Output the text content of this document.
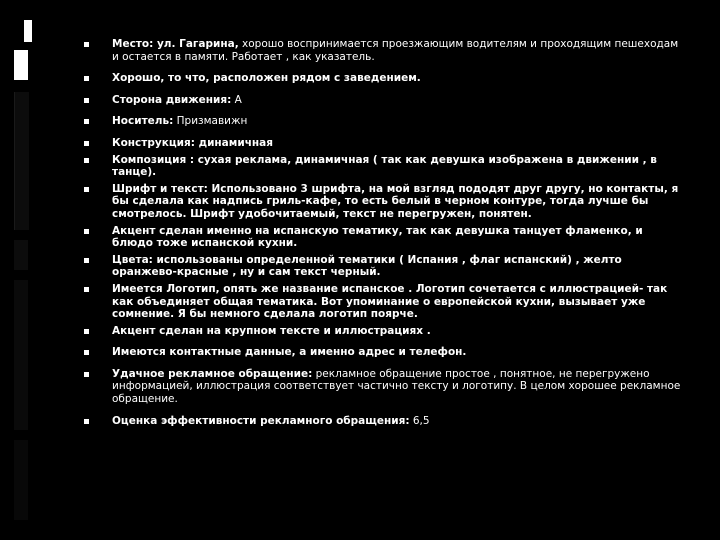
Место: ул. Гагарина, хорошо воспринимается проезжающим водителям и проходящим пешеходам и остается в памяти. Работает , как указатель.
Хорошо, то что, расположен рядом с заведением.
Сторона движения: А
Носитель: Призмавижн
Конструкция: динамичная
Композиция : сухая реклама, динамичная ( так как девушка изображена в движении , в танце).
Шрифт и текст: Использовано 3 шрифта, на мой взгляд пододят друг другу, но контакты, я бы сделала как надпись гриль-кафе, то есть белый в черном контуре, тогда лучше бы смотрелось. Шрифт удобочитаемый, текст не перегружен, понятен.
Акцент сделан именно на испанскую тематику, так как девушка танцует фламенко, и блюдо тоже испанской кухни.
Цвета: использованы определенной тематики ( Испания , флаг испанский) , желто оранжево-красные , ну и сам текст черный.
Имеется Логотип, опять же название испанское . Логотип сочетается с иллюстрацией- так как объединяет общая тематика. Вот упоминание о европейской кухни, вызывает уже сомнение. Я бы немного сделала логотип поярче.
Акцент сделан на крупном тексте и иллюстрациях .
Имеются контактные данные, а именно адрес и телефон.
Удачное рекламное обращение: рекламное обращение простое , понятное, не перегружено информацией, иллюстрация соответствует частично тексту и логотипу. В целом хорошее рекламное обращение.
Оценка эффективности рекламного обращения: 6,5
